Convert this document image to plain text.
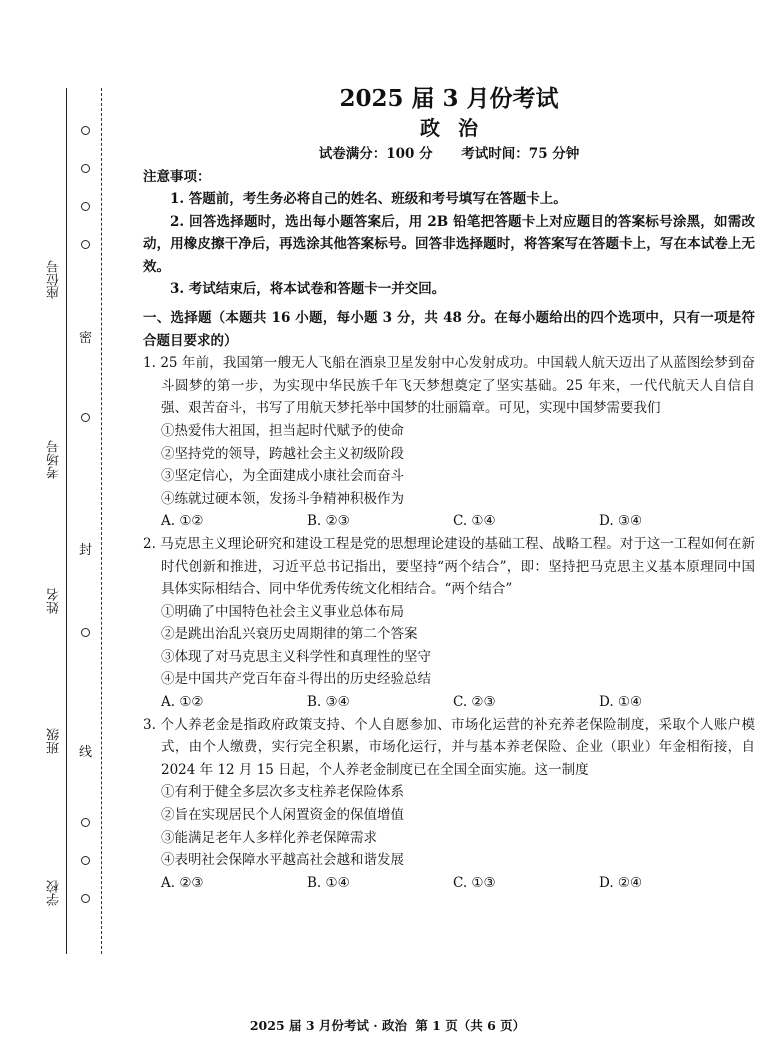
座位号
考场号
姓名
班级
学校
密
封
线
2025 届 3 月份考试
政治
试卷满分：100 分 考试时间：75 分钟
注意事项：

1. 答题前，考生务必将自己的姓名、班级和考号填写在答题卡上。

2. 回答选择题时，选出每小题答案后，用 2B 铅笔把答题卡上对应题目的答案标号涂黑，如需改动，用橡皮擦干净后，再选涂其他答案标号。回答非选择题时，将答案写在答题卡上，写在本试卷上无效。

3. 考试结束后，将本试卷和答题卡一并交回。

一、选择题（本题共 16 小题，每小题 3 分，共 48 分。在每小题给出的四个选项中，只有一项是符合题目要求的）
1. 25 年前，我国第一艘无人飞船在酒泉卫星发射中心发射成功。中国载人航天迈出了从蓝图绘梦到奋斗圆梦的第一步，为实现中华民族千年飞天梦想奠定了坚实基础。25 年来，一代代航天人自信自强、艰苦奋斗，书写了用航天梦托举中国梦的壮丽篇章。可见，实现中国梦需要我们
①热爱伟大祖国，担当起时代赋予的使命
②坚持党的领导，跨越社会主义初级阶段
③坚定信心，为全面建成小康社会而奋斗
④练就过硬本领，发扬斗争精神积极作为
A. ①②	B. ②③	C. ①④	D. ③④
2. 马克思主义理论研究和建设工程是党的思想理论建设的基础工程、战略工程。对于这一工程如何在新时代创新和推进，习近平总书记指出，要坚持“两个结合”，即：坚持把马克思主义基本原理同中国具体实际相结合、同中华优秀传统文化相结合。“两个结合”
①明确了中国特色社会主义事业总体布局
②是跳出治乱兴衰历史周期律的第二个答案
③体现了对马克思主义科学性和真理性的坚守
④是中国共产党百年奋斗得出的历史经验总结
A. ①②	B. ③④	C. ②③	D. ①④
3. 个人养老金是指政府政策支持、个人自愿参加、市场化运营的补充养老保险制度，采取个人账户模式，由个人缴费，实行完全积累，市场化运行，并与基本养老保险、企业（职业）年金相衔接，自 2024 年 12 月 15 日起，个人养老金制度已在全国全面实施。这一制度
①有利于健全多层次多支柱养老保险体系
②旨在实现居民个人闲置资金的保值增值
③能满足老年人多样化养老保障需求
④表明社会保障水平越高社会越和谐发展
A. ②③	B. ①④	C. ①③	D. ②④
2025 届 3 月份考试 · 政治 第 1 页（共 6 页）
